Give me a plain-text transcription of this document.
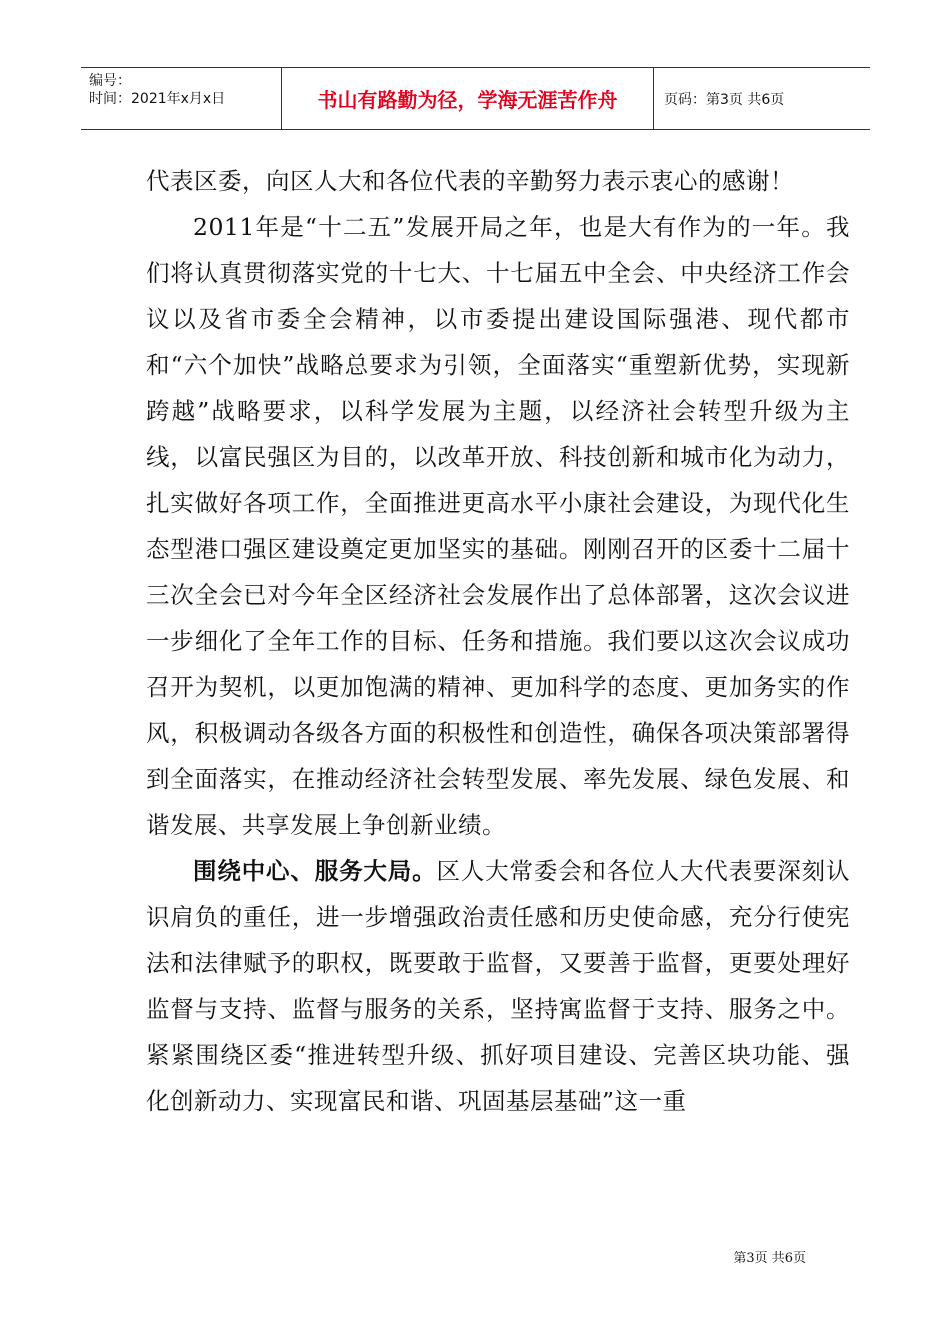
编号：
时间：2021年x月x日	书山有路勤为径，学海无涯苦作舟	页码：第3页 共6页

代表区委，向区人大和各位代表的辛勤努力表示衷心的感谢！

2011年是“十二五”发展开局之年，也是大有作为的一年。我们将认真贯彻落实党的十七大、十七届五中全会、中央经济工作会议以及省市委全会精神，以市委提出建设国际强港、现代都市和“六个加快”战略总要求为引领，全面落实“重塑新优势，实现新跨越”战略要求，以科学发展为主题，以经济社会转型升级为主线，以富民强区为目的，以改革开放、科技创新和城市化为动力，扎实做好各项工作，全面推进更高水平小康社会建设，为现代化生态型港口强区建设奠定更加坚实的基础。刚刚召开的区委十二届十三次全会已对今年全区经济社会发展作出了总体部署，这次会议进一步细化了全年工作的目标、任务和措施。我们要以这次会议成功召开为契机，以更加饱满的精神、更加科学的态度、更加务实的作风，积极调动各级各方面的积极性和创造性，确保各项决策部署得到全面落实，在推动经济社会转型发展、率先发展、绿色发展、和谐发展、共享发展上争创新业绩。

围绕中心、服务大局。区人大常委会和各位人大代表要深刻认识肩负的重任，进一步增强政治责任感和历史使命感，充分行使宪法和法律赋予的职权，既要敢于监督，又要善于监督，更要处理好监督与支持、监督与服务的关系，坚持寓监督于支持、服务之中。紧紧围绕区委“推进转型升级、抓好项目建设、完善区块功能、强化创新动力、实现富民和谐、巩固基层基础”这一重

第3页 共6页
